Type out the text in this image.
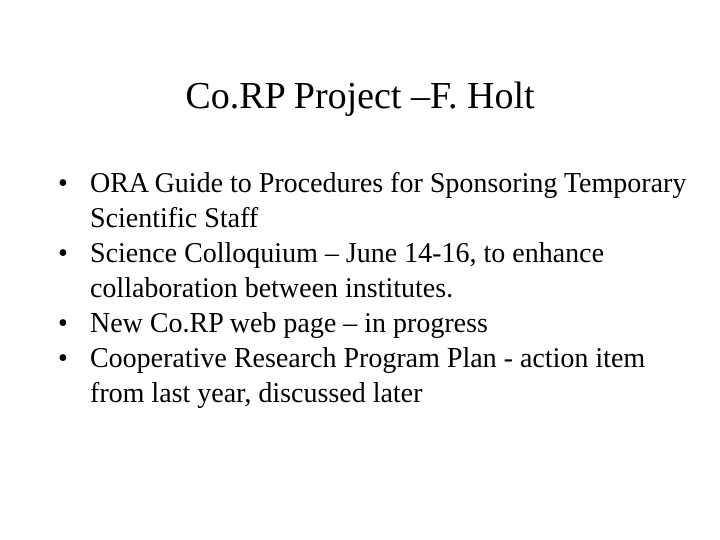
Co.RP Project –F. Holt
• ORA Guide to Procedures for Sponsoring Temporary Scientific Staff
• Science Colloquium – June 14-16, to enhance collaboration between institutes.
• New Co.RP web page – in progress
• Cooperative Research Program Plan - action item from last year, discussed later
